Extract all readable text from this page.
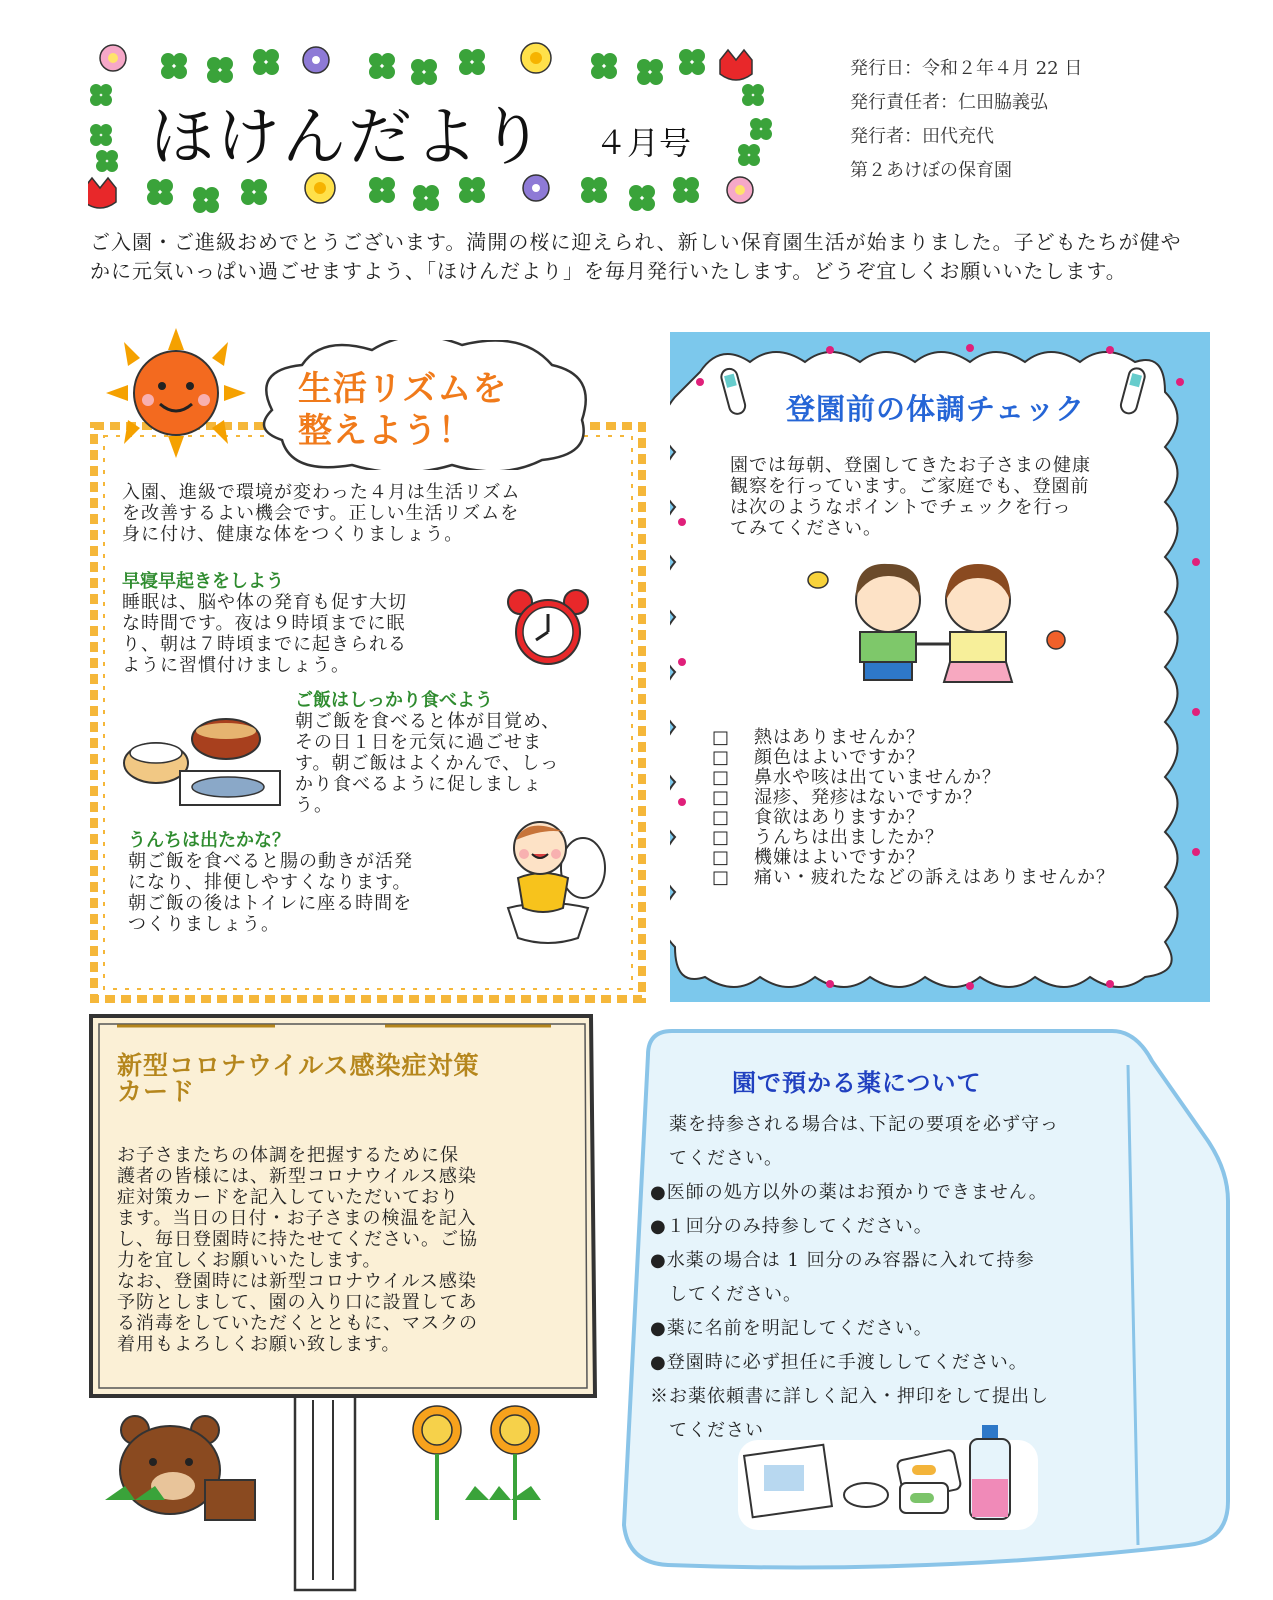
ほけんだより ４月号
発行日：令和２年４月 22 日
発行責任者：仁田脇義弘
発行者：田代充代
第２あけぼの保育園
ご入園・ご進級おめでとうございます。満開の桜に迎えられ、新しい保育園生活が始まりました。子どもたちが健やかに元気いっぱい過ごせますよう、「ほけんだより」を毎月発行いたします。どうぞ宜しくお願いいたします。
生活リズムを
整えよう！
入園、進級で環境が変わった４月は生活リズム
を改善するよい機会です。正しい生活リズムを
身に付け、健康な体をつくりましょう。
早寝早起きをしよう
睡眠は、脳や体の発育も促す大切
な時間です。夜は９時頃までに眠
り、朝は７時頃までに起きられる
ように習慣付けましょう。
ご飯はしっかり食べよう
朝ご飯を食べると体が目覚め、
その日１日を元気に過ごせま
す。朝ご飯はよくかんで、しっ
かり食べるように促しましょ
う。
うんちは出たかな？
朝ご飯を食べると腸の動きが活発
になり、排便しやすくなります。
朝ご飯の後はトイレに座る時間を
つくりましょう。
登園前の体調チェック
園では毎朝、登園してきたお子さまの健康
観察を行っています。ご家庭でも、登園前
は次のようなポイントでチェックを行っ
てみてください。
□	熱はありませんか？
□	顔色はよいですか？
□	鼻水や咳は出ていませんか？
□	湿疹、発疹はないですか？
□	食欲はありますか？
□	うんちは出ましたか？
□	機嫌はよいですか？
□	痛い・疲れたなどの訴えはありませんか？
新型コロナウイルス感染症対策
カード
お子さまたちの体調を把握するために保
護者の皆様には、新型コロナウイルス感染
症対策カードを記入していただいており
ます。当日の日付・お子さまの検温を記入
し、毎日登園時に持たせてください。ご協
力を宜しくお願いいたします。
なお、登園時には新型コロナウイルス感染
予防としまして、園の入り口に設置してあ
る消毒をしていただくとともに、マスクの
着用もよろしくお願い致します。
園で預かる薬について
　薬を持参される場合は､下記の要項を必ず守っ
　てください。
●医師の処方以外の薬はお預かりできません。
●１回分のみ持参してください。
●水薬の場合は 1 回分のみ容器に入れて持参
　してください。
●薬に名前を明記してください。
●登園時に必ず担任に手渡ししてください。
※お薬依頼書に詳しく記入・押印をして提出し
　てください
